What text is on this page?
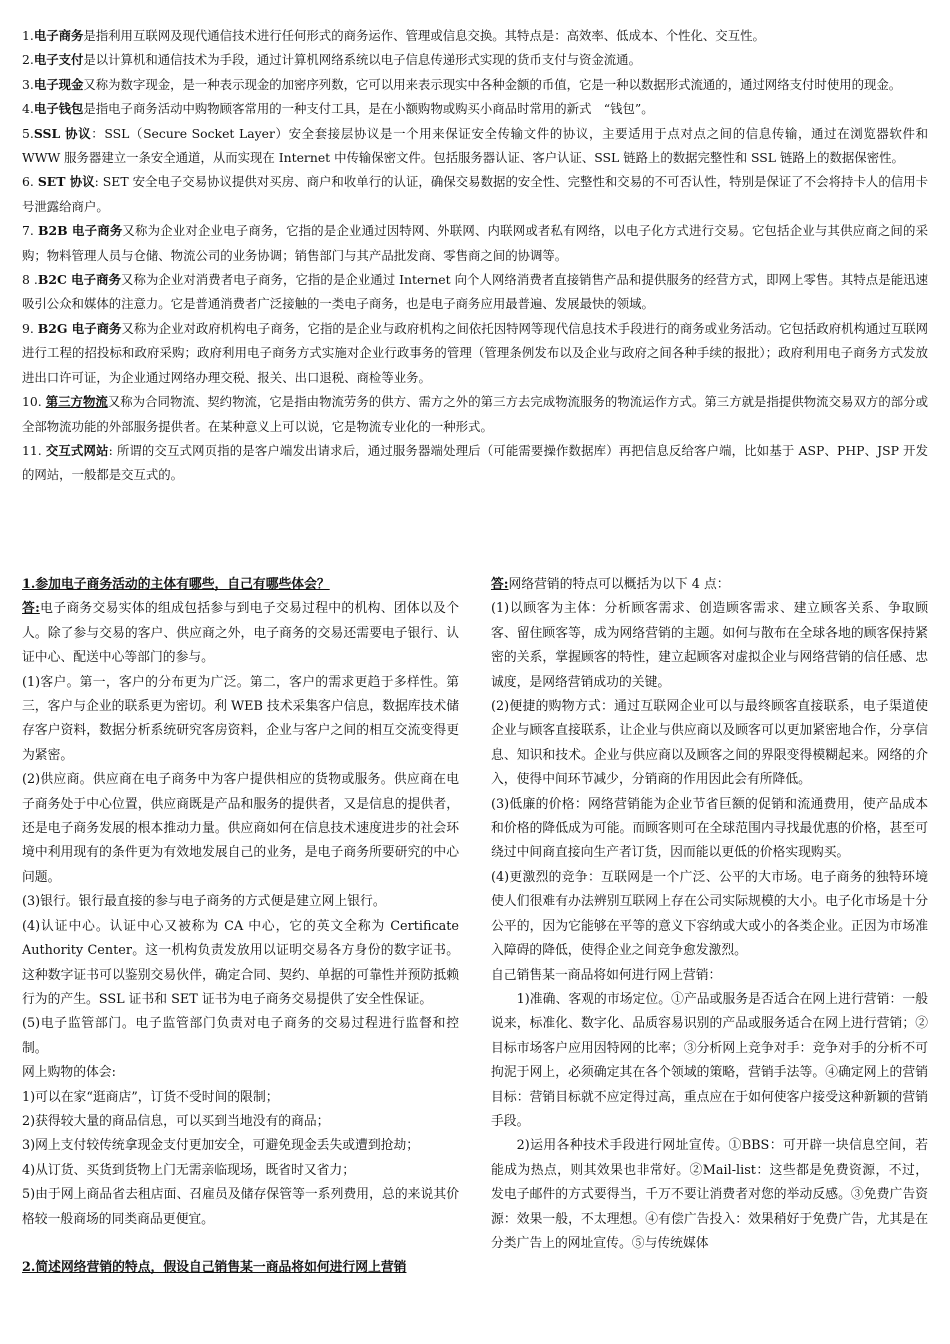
1.电子商务是指利用互联网及现代通信技术进行任何形式的商务运作、管理或信息交换。其特点是：高效率、低成本、个性化、交互性。

2.电子支付是以计算机和通信技术为手段，通过计算机网络系统以电子信息传递形式实现的货币支付与资金流通。

3.电子现金又称为数字现金，是一种表示现金的加密序列数，它可以用来表示现实中各种金额的币值，它是一种以数据形式流通的，通过网络支付时使用的现金。

4.电子钱包是指电子商务活动中购物顾客常用的一种支付工具，是在小额购物或购买小商品时常用的新式　“钱包”。

5.SSL 协议：SSL（Secure Socket Layer）安全套接层协议是一个用来保证安全传输文件的协议，主要适用于点对点之间的信息传输，通过在浏览器软件和 WWW 服务器建立一条安全通道，从而实现在 Internet 中传输保密文件。包括服务器认证、客户认证、SSL 链路上的数据完整性和 SSL 链路上的数据保密性。

6. SET 协议: SET 安全电子交易协议提供对买房、商户和收单行的认证，确保交易数据的安全性、完整性和交易的不可否认性，特别是保证了不会将持卡人的信用卡号泄露给商户。

7. B2B 电子商务又称为企业对企业电子商务，它指的是企业通过因特网、外联网、内联网或者私有网络，以电子化方式进行交易。它包括企业与其供应商之间的采购；物料管理人员与仓储、物流公司的业务协调；销售部门与其产品批发商、零售商之间的协调等。

8 .B2C 电子商务又称为企业对消费者电子商务，它指的是企业通过 Internet 向个人网络消费者直接销售产品和提供服务的经营方式，即网上零售。其特点是能迅速吸引公众和媒体的注意力。它是普通消费者广泛接触的一类电子商务，也是电子商务应用最普遍、发展最快的领域。

9. B2G 电子商务又称为企业对政府机构电子商务，它指的是企业与政府机构之间依托因特网等现代信息技术手段进行的商务或业务活动。它包括政府机构通过互联网进行工程的招投标和政府采购；政府利用电子商务方式实施对企业行政事务的管理（管理条例发布以及企业与政府之间各种手续的报批）；政府利用电子商务方式发放进出口许可证，为企业通过网络办理交税、报关、出口退税、商检等业务。

10. 第三方物流又称为合同物流、契约物流，它是指由物流劳务的供方、需方之外的第三方去完成物流服务的物流运作方式。第三方就是指提供物流交易双方的部分或全部物流功能的外部服务提供者。在某种意义上可以说，它是物流专业化的一种形式。

11. 交互式网站: 所谓的交互式网页指的是客户端发出请求后，通过服务器端处理后（可能需要操作数据库）再把信息反给客户端，比如基于 ASP、PHP、JSP 开发的网站，一般都是交互式的。

1.参加电子商务活动的主体有哪些，自己有哪些体会？

答:电子商务交易实体的组成包括参与到电子交易过程中的机构、团体以及个人。除了参与交易的客户、供应商之外，电子商务的交易还需要电子银行、认证中心、配送中心等部门的参与。

(1)客户。第一，客户的分布更为广泛。第二，客户的需求更趋于多样性。第三，客户与企业的联系更为密切。利 WEB 技术采集客户信息，数据库技术储存客户资料，数据分析系统研究客房资料，企业与客户之间的相互交流变得更为紧密。

(2)供应商。供应商在电子商务中为客户提供相应的货物或服务。供应商在电子商务处于中心位置，供应商既是产品和服务的提供者，又是信息的提供者，还是电子商务发展的根本推动力量。供应商如何在信息技术速度进步的社会环境中利用现有的条件更为有效地发展自己的业务，是电子商务所要研究的中心问题。

(3)银行。银行最直接的参与电子商务的方式便是建立网上银行。

(4)认证中心。认证中心又被称为 CA 中心，它的英文全称为 Certificate Authority Center。这一机构负责发放用以证明交易各方身份的数字证书。这种数字证书可以鉴别交易伙伴，确定合同、契约、单据的可靠性并预防抵赖行为的产生。SSL 证书和 SET 证书为电子商务交易提供了安全性保证。

(5)电子监管部门。电子监管部门负责对电子商务的交易过程进行监督和控制。

网上购物的体会:

1)可以在家“逛商店”，订货不受时间的限制；

2)获得较大量的商品信息，可以买到当地没有的商品；

3)网上支付较传统拿现金支付更加安全，可避免现金丢失或遭到抢劫；

4)从订货、买货到货物上门无需亲临现场，既省时又省力；

5)由于网上商品省去租店面、召雇员及储存保管等一系列费用，总的来说其价格较一般商场的同类商品更便宜。

2.简述网络营销的特点，假设自己销售某一商品将如何进行网上营销

答:网络营销的特点可以概括为以下 4 点：

(1)以顾客为主体：分析顾客需求、创造顾客需求、建立顾客关系、争取顾客、留住顾客等，成为网络营销的主题。如何与散布在全球各地的顾客保持紧密的关系，掌握顾客的特性，建立起顾客对虚拟企业与网络营销的信任感、忠诚度，是网络营销成功的关键。

(2)便捷的购物方式：通过互联网企业可以与最终顾客直接联系，电子渠道使企业与顾客直接联系，让企业与供应商以及顾客可以更加紧密地合作，分享信息、知识和技术。企业与供应商以及顾客之间的界限变得模糊起来。网络的介入，使得中间环节减少，分销商的作用因此会有所降低。

(3)低廉的价格：网络营销能为企业节省巨额的促销和流通费用，使产品成本和价格的降低成为可能。而顾客则可在全球范围内寻找最优惠的价格，甚至可绕过中间商直接向生产者订货，因而能以更低的价格实现购买。

(4)更激烈的竞争：互联网是一个广泛、公平的大市场。电子商务的独特环境使人们很难有办法辨别互联网上存在公司实际规模的大小。电子化市场是十分公平的，因为它能够在平等的意义下容纳或大或小的各类企业。正因为市场准入障碍的降低，使得企业之间竞争愈发激烈。

自己销售某一商品将如何进行网上营销：

1)准确、客观的市场定位。①产品或服务是否适合在网上进行营销：一般说来，标准化、数字化、品质容易识别的产品或服务适合在网上进行营销；②目标市场客户应用因特网的比率；③分析网上竞争对手：竞争对手的分析不可拘泥于网上，必须确定其在各个领域的策略，营销手法等。④确定网上的营销目标：营销目标就不应定得过高，重点应在于如何使客户接受这种新颖的营销手段。

2)运用各种技术手段进行网址宣传。①BBS：可开辟一块信息空间，若能成为热点，则其效果也非常好。②Mail-list：这些都是免费资源，不过，发电子邮件的方式要得当，千万不要让消费者对您的举动反感。③免费广告资源：效果一般，不太理想。④有偿广告投入：效果稍好于免费广告，尤其是在分类广告上的网址宣传。⑤与传统媒体
